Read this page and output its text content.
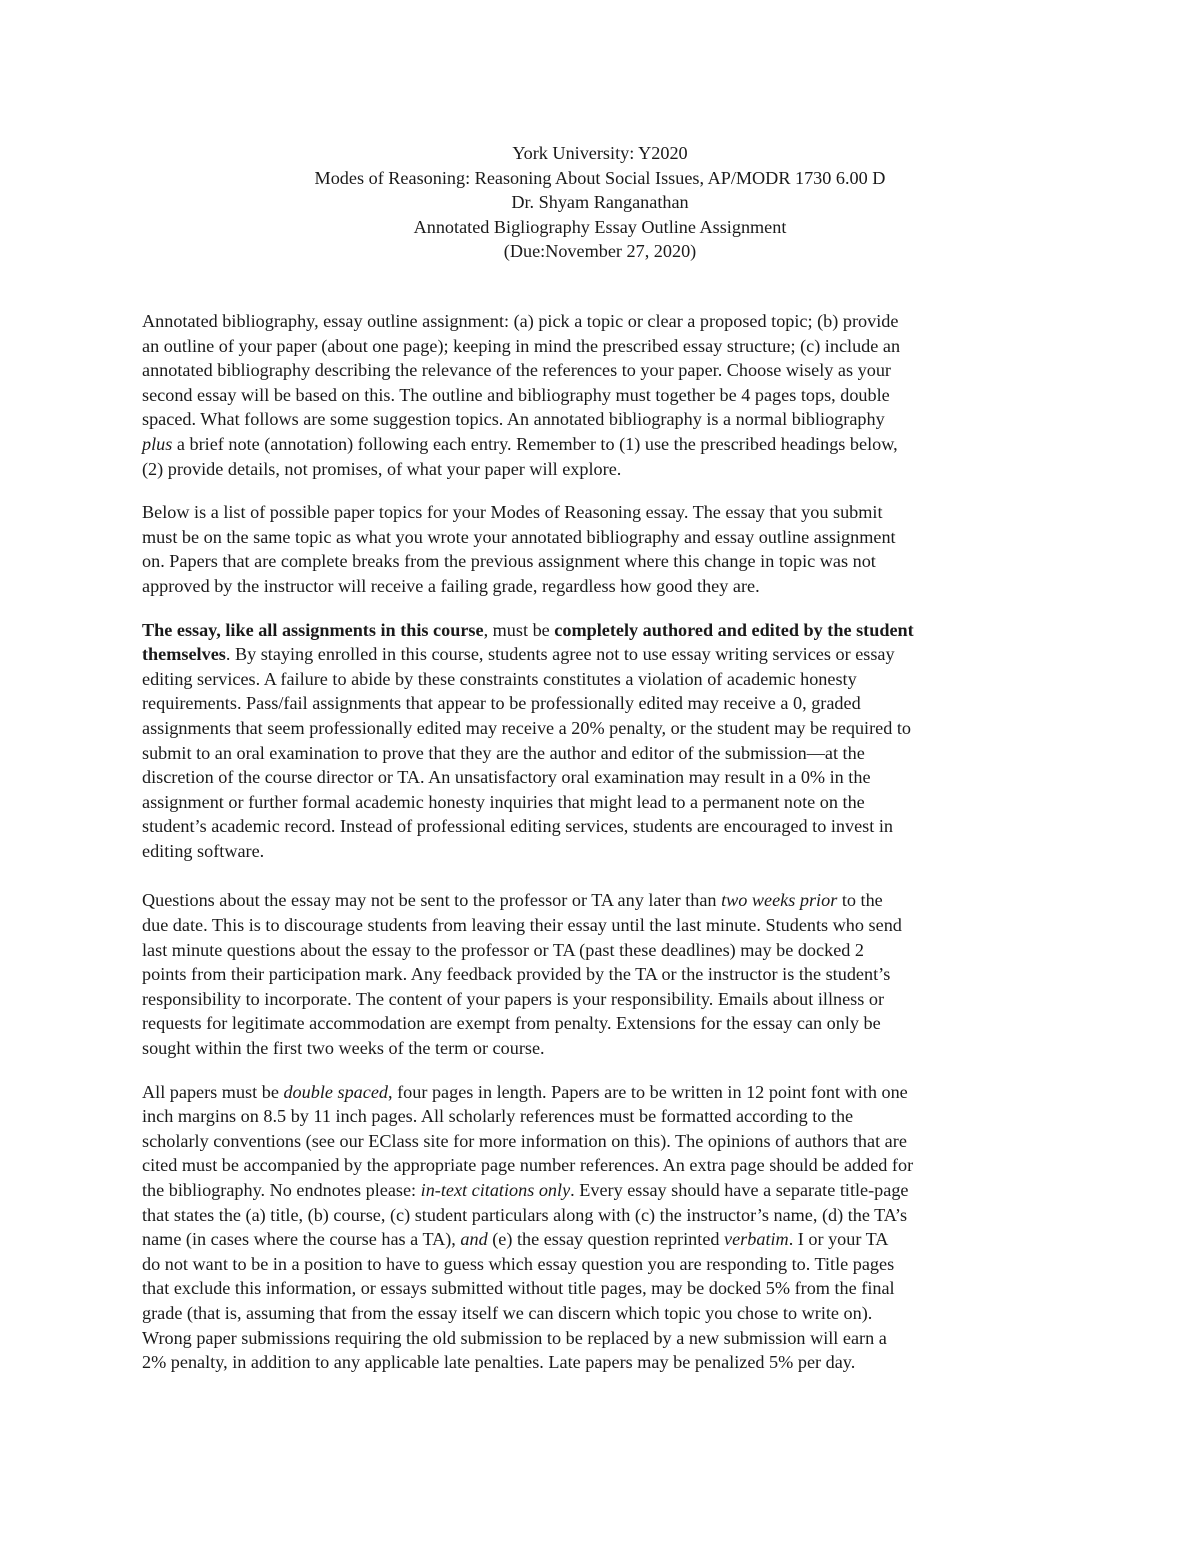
York University: Y2020
Modes of Reasoning: Reasoning About Social Issues, AP/MODR 1730 6.00 D
Dr. Shyam Ranganathan
Annotated Bigliography Essay Outline Assignment
(Due:November 27, 2020)
Annotated bibliography, essay outline assignment: (a) pick a topic or clear a proposed topic; (b) provide
an outline of your paper (about one page); keeping in mind the prescribed essay structure; (c) include an
annotated bibliography describing the relevance of the references to your paper. Choose wisely as your
second essay will be based on this. The outline and bibliography must together be 4 pages tops, double
spaced. What follows are some suggestion topics. An annotated bibliography is a normal bibliography
plus a brief note (annotation) following each entry. Remember to (1) use the prescribed headings below,
(2) provide details, not promises, of what your paper will explore.
Below is a list of possible paper topics for your Modes of Reasoning essay. The essay that you submit
must be on the same topic as what you wrote your annotated bibliography and essay outline assignment
on. Papers that are complete breaks from the previous assignment where this change in topic was not
approved by the instructor will receive a failing grade, regardless how good they are.
The essay, like all assignments in this course, must be completely authored and edited by the student
themselves. By staying enrolled in this course, students agree not to use essay writing services or essay
editing services. A failure to abide by these constraints constitutes a violation of academic honesty
requirements. Pass/fail assignments that appear to be professionally edited may receive a 0, graded
assignments that seem professionally edited may receive a 20% penalty, or the student may be required to
submit to an oral examination to prove that they are the author and editor of the submission—at the
discretion of the course director or TA. An unsatisfactory oral examination may result in a 0% in the
assignment or further formal academic honesty inquiries that might lead to a permanent note on the
student’s academic record. Instead of professional editing services, students are encouraged to invest in
editing software.
Questions about the essay may not be sent to the professor or TA any later than two weeks prior to the
due date. This is to discourage students from leaving their essay until the last minute. Students who send
last minute questions about the essay to the professor or TA (past these deadlines) may be docked 2
points from their participation mark. Any feedback provided by the TA or the instructor is the student’s
responsibility to incorporate. The content of your papers is your responsibility. Emails about illness or
requests for legitimate accommodation are exempt from penalty. Extensions for the essay can only be
sought within the first two weeks of the term or course.
All papers must be double spaced, four pages in length. Papers are to be written in 12 point font with one
inch margins on 8.5 by 11 inch pages. All scholarly references must be formatted according to the
scholarly conventions (see our EClass site for more information on this). The opinions of authors that are
cited must be accompanied by the appropriate page number references. An extra page should be added for
the bibliography. No endnotes please: in-text citations only. Every essay should have a separate title-page
that states the (a) title, (b) course, (c) student particulars along with (c) the instructor’s name, (d) the TA’s
name (in cases where the course has a TA), and (e) the essay question reprinted verbatim. I or your TA
do not want to be in a position to have to guess which essay question you are responding to. Title pages
that exclude this information, or essays submitted without title pages, may be docked 5% from the final
grade (that is, assuming that from the essay itself we can discern which topic you chose to write on).
Wrong paper submissions requiring the old submission to be replaced by a new submission will earn a
2% penalty, in addition to any applicable late penalties. Late papers may be penalized 5% per day.
